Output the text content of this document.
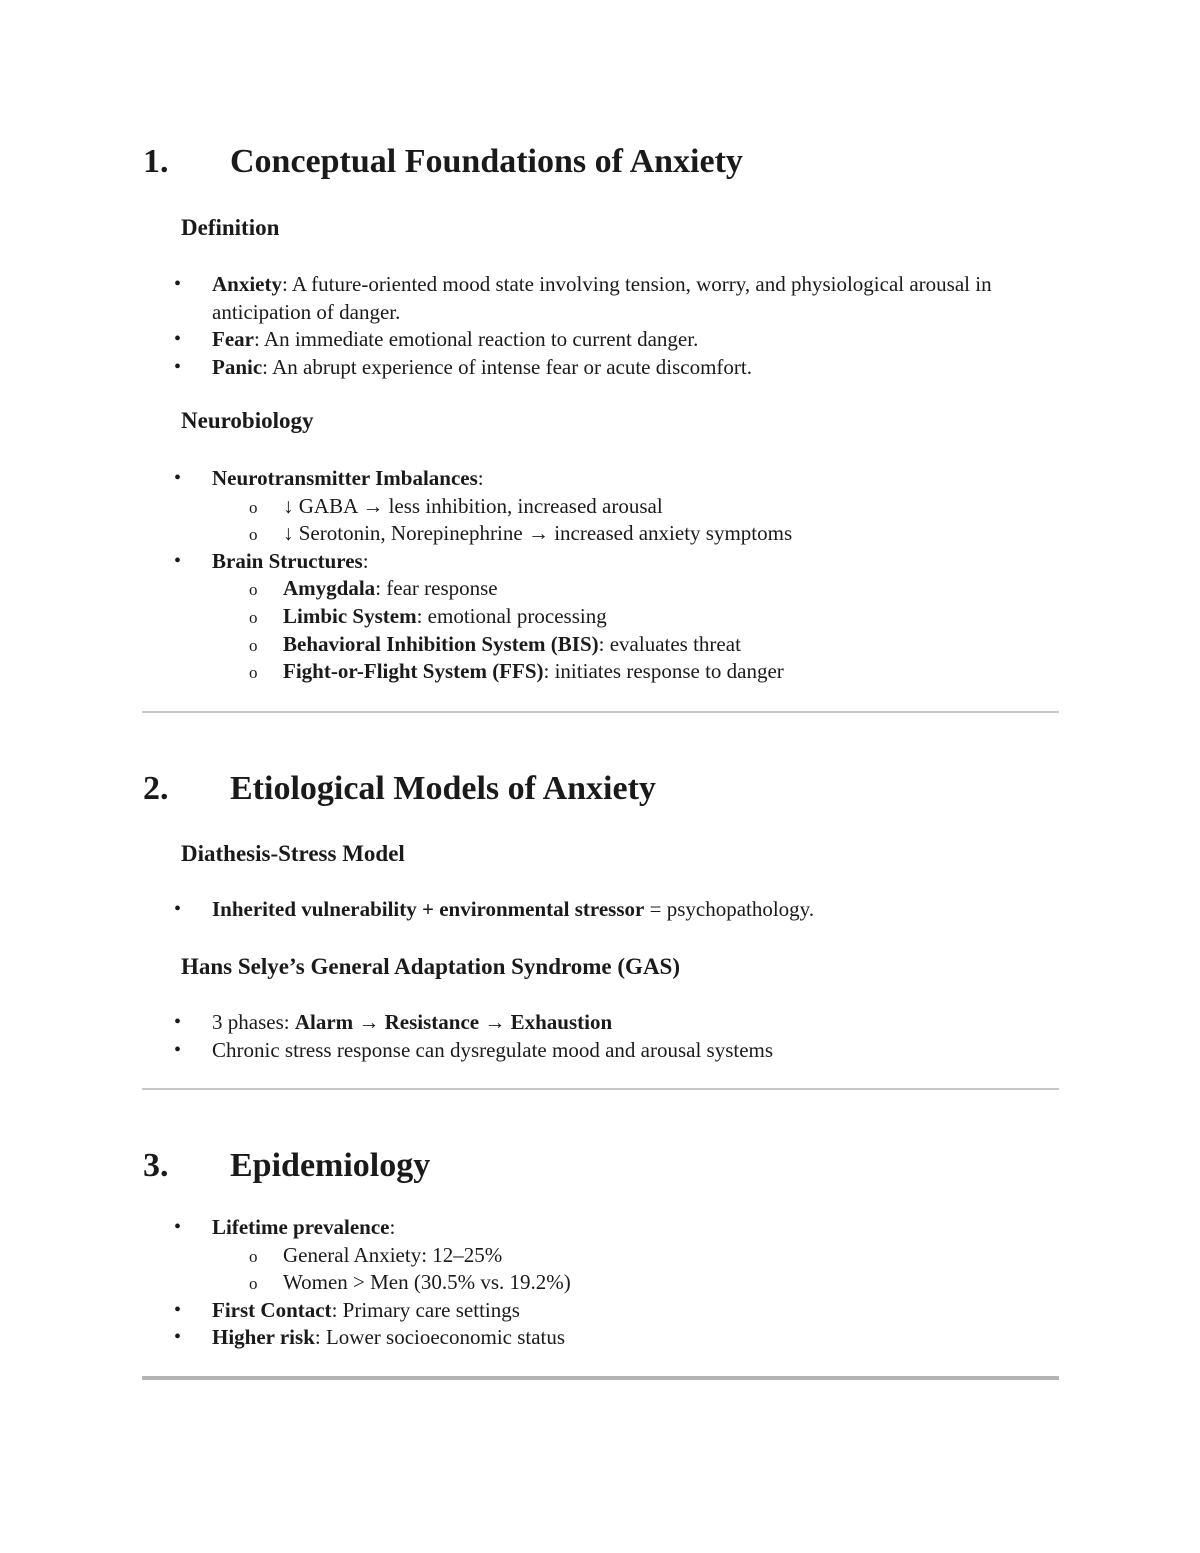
1. Conceptual Foundations of Anxiety
Definition
• Anxiety: A future-oriented mood state involving tension, worry, and physiological arousal in anticipation of danger.
• Fear: An immediate emotional reaction to current danger.
• Panic: An abrupt experience of intense fear or acute discomfort.
Neurobiology
• Neurotransmitter Imbalances:
o ↓ GABA → less inhibition, increased arousal
o ↓ Serotonin, Norepinephrine → increased anxiety symptoms
• Brain Structures:
o Amygdala: fear response
o Limbic System: emotional processing
o Behavioral Inhibition System (BIS): evaluates threat
o Fight-or-Flight System (FFS): initiates response to danger
2. Etiological Models of Anxiety
Diathesis-Stress Model
• Inherited vulnerability + environmental stressor = psychopathology.
Hans Selye’s General Adaptation Syndrome (GAS)
• 3 phases: Alarm → Resistance → Exhaustion
• Chronic stress response can dysregulate mood and arousal systems
3. Epidemiology
• Lifetime prevalence:
o General Anxiety: 12–25%
o Women > Men (30.5% vs. 19.2%)
• First Contact: Primary care settings
• Higher risk: Lower socioeconomic status
